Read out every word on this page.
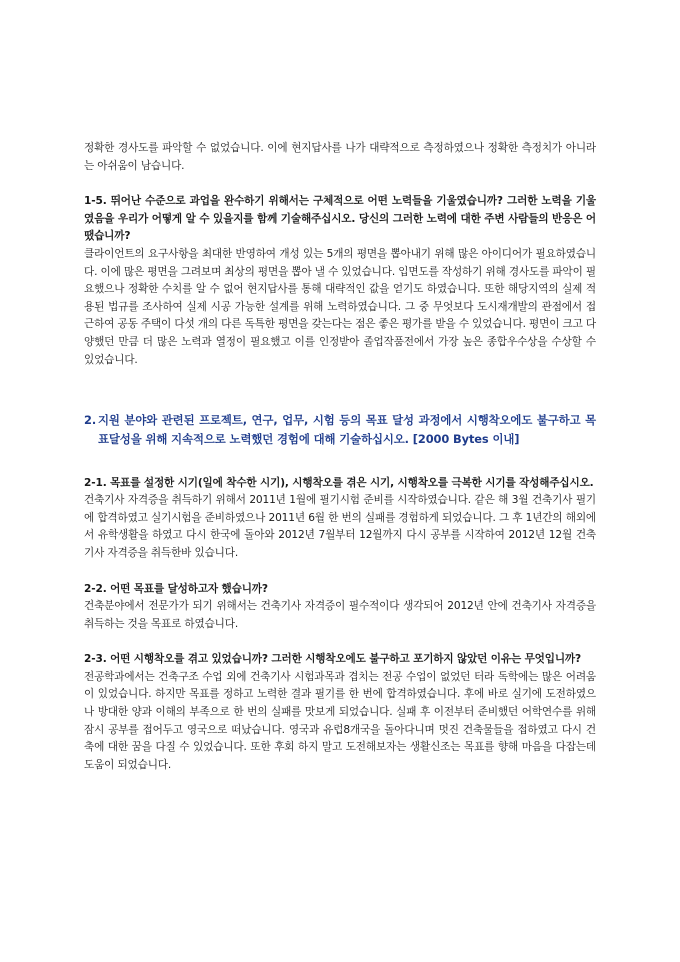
정확한 경사도를 파악할 수 없었습니다. 이에 현지답사를 나가 대략적으로 측정하였으나 정확한 측정치가 아니라는 아쉬움이 남습니다.

1-5. 뛰어난 수준으로 과업을 완수하기 위해서는 구체적으로 어떤 노력들을 기울였습니까? 그러한 노력을 기울였음을 우리가 어떻게 알 수 있을지를 함께 기술해주십시오. 당신의 그러한 노력에 대한 주변 사람들의 반응은 어땠습니까?

클라이언트의 요구사항을 최대한 반영하여 개성 있는 5개의 평면을 뽑아내기 위해 많은 아이디어가 필요하였습니다. 이에 많은 평면을 그려보며 최상의 평면을 뽑아 낼 수 있었습니다. 입면도를 작성하기 위해 경사도를 파악이 필요했으나 정확한 수치를 알 수 없어 현지답사를 통해 대략적인 값을 얻기도 하였습니다. 또한 해당지역의 실제 적용된 법규를 조사하여 실제 시공 가능한 설계를 위해 노력하였습니다. 그 중 무엇보다 도시재개발의 관점에서 접근하여 공동 주택이 다섯 개의 다른 독특한 평면을 갖는다는 점은 좋은 평가를 받을 수 있었습니다. 평면이 크고 다양했던 만큼 더 많은 노력과 열정이 필요했고 이를 인정받아 졸업작품전에서 가장 높은 종합우수상을 수상할 수 있었습니다.

2. 지원 분야와 관련된 프로젝트, 연구, 업무, 시험 등의 목표 달성 과정에서 시행착오에도 불구하고 목표달성을 위해 지속적으로 노력했던 경험에 대해 기술하십시오. [2000 Bytes 이내]

2-1. 목표를 설정한 시기(일에 착수한 시기), 시행착오를 겪은 시기, 시행착오를 극복한 시기를 작성해주십시오.

건축기사 자격증을 취득하기 위해서 2011년 1월에 필기시험 준비를 시작하였습니다. 같은 해 3월 건축기사 필기에 합격하였고 실기시험을 준비하였으나 2011년 6월 한 번의 실패를 경험하게 되었습니다. 그 후 1년간의 해외에서 유학생활을 하였고 다시 한국에 돌아와 2012년 7월부터 12월까지 다시 공부를 시작하여 2012년 12월 건축기사 자격증을 취득한바 있습니다.

2-2. 어떤 목표를 달성하고자 했습니까?

건축분야에서 전문가가 되기 위해서는 건축기사 자격증이 필수적이다 생각되어 2012년 안에 건축기사 자격증을 취득하는 것을 목표로 하였습니다.

2-3. 어떤 시행착오를 겪고 있었습니까? 그러한 시행착오에도 불구하고 포기하지 않았던 이유는 무엇입니까?

전공학과에서는 건축구조 수업 외에 건축기사 시험과목과 겹치는 전공 수업이 없었던 터라 독학에는 많은 어려움이 있었습니다. 하지만 목표를 정하고 노력한 결과 필기를 한 번에 합격하였습니다. 후에 바로 실기에 도전하였으나 방대한 양과 이해의 부족으로 한 번의 실패를 맛보게 되었습니다. 실패 후 이전부터 준비했던 어학연수를 위해 잠시 공부를 접어두고 영국으로 떠났습니다. 영국과 유럽8개국을 돌아다니며 멋진 건축물들을 접하였고 다시 건축에 대한 꿈을 다질 수 있었습니다. 또한 후회 하지 말고 도전해보자는 생활신조는 목표를 향해 마음을 다잡는데 도움이 되었습니다.
